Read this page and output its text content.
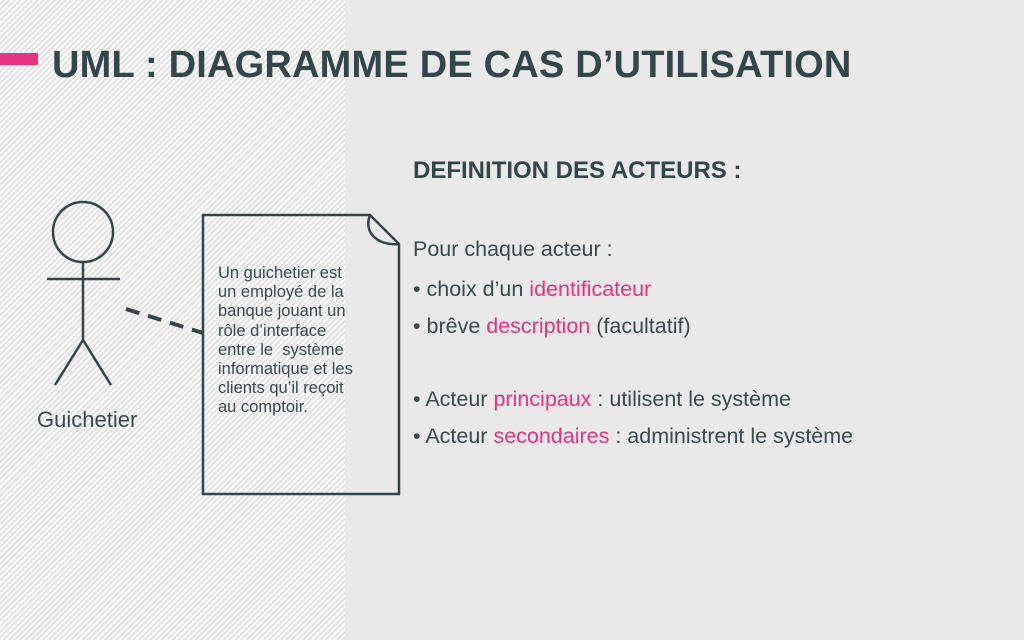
UML : DIAGRAMME DE CAS D’UTILISATION
Guichetier
Un guichetier est
un employé de la
banque jouant un
rôle d’interface
entre le  système
informatique et les
clients qu’il reçoit
au comptoir.
DEFINITION DES ACTEURS :
Pour chaque acteur :
• choix d’un identificateur
• brêve description (facultatif)
• Acteur principaux : utilisent le système
• Acteur secondaires : administrent le système
